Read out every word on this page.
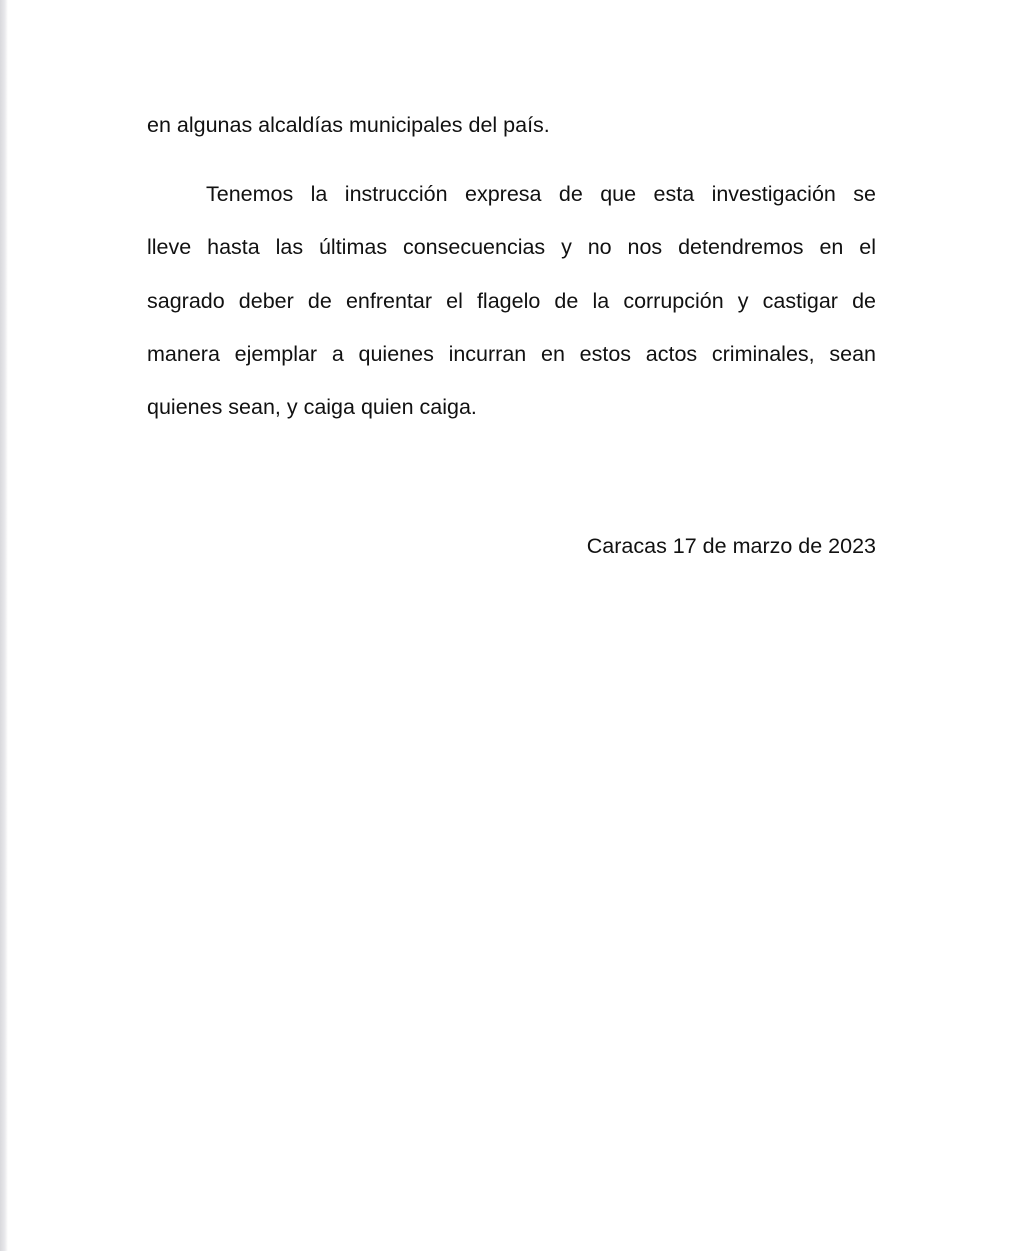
en algunas alcaldías municipales del país.

Tenemos la instrucción expresa de que esta investigación se

lleve hasta las últimas consecuencias y no nos detendremos en el

sagrado deber de enfrentar el flagelo de la corrupción y castigar de

manera ejemplar a quienes incurran en estos actos criminales, sean

quienes sean, y caiga quien caiga.

Caracas 17 de marzo de 2023
